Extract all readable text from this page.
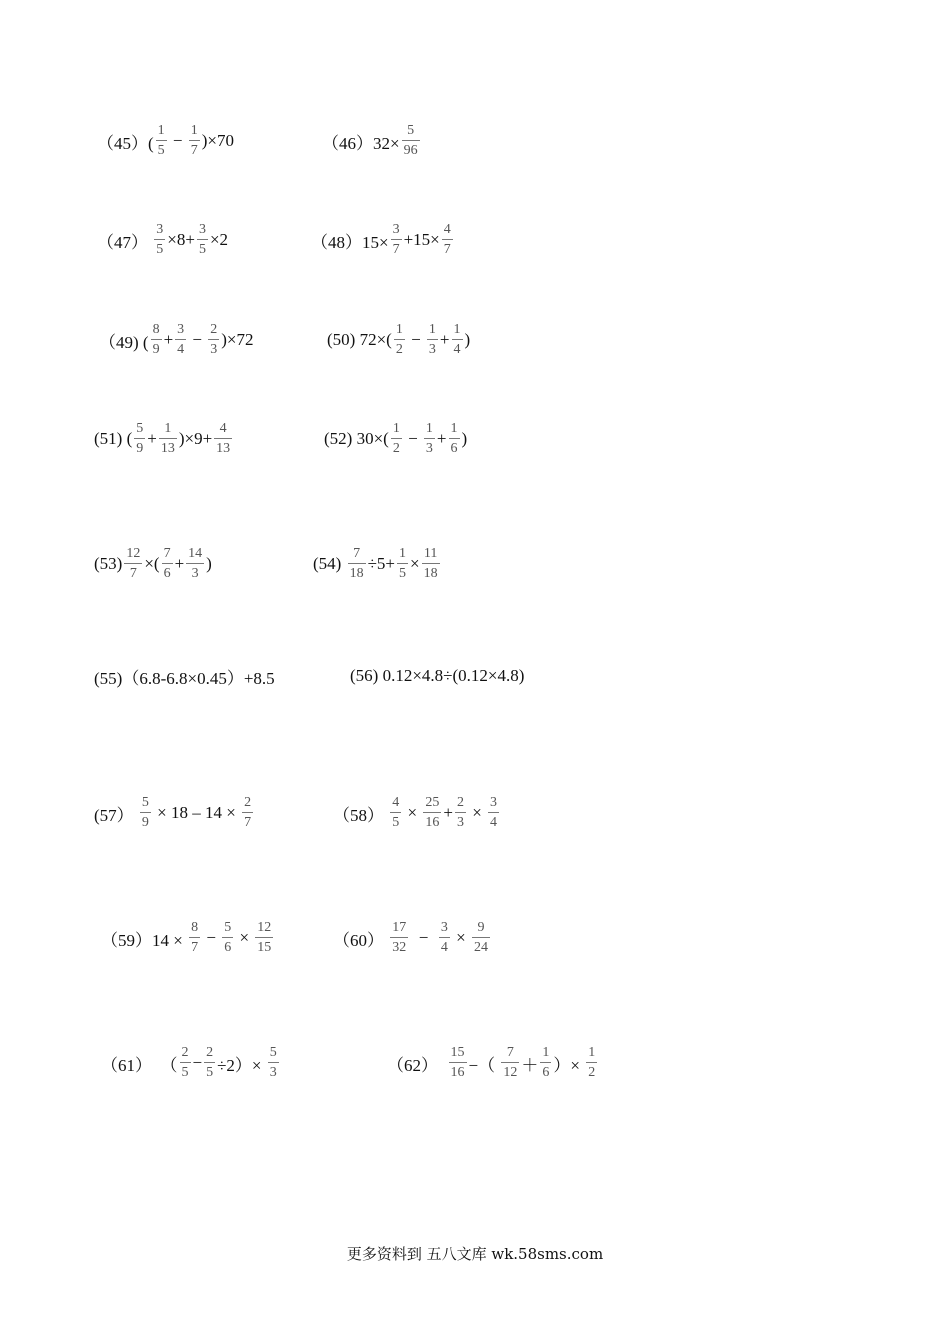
$(45)( \frac{1}{5} - \frac{1}{7} )\times 70$	$(46)32\times \frac{5}{96}$
$(47) \frac{3}{5} \times 8+ \frac{3}{5} \times 2$	$(48)15\times \frac{3}{7} +15\times \frac{4}{7}$
（49) ( $\frac{8}{9} + \frac{3}{4} - \frac{2}{3} )\times 72$	(50) $72\times( \frac{1}{2} - \frac{1}{3} + \frac{1}{4}$ )
(51) ( $\frac{5}{9} + \frac{1}{13} )\times 9+ \frac{4}{13}$	(52) $30\times( \frac{1}{2} - \frac{1}{3} + \frac{1}{6}$ )
$(53) \frac{12}{7}$ ×( $\frac{7}{6} + \frac{14}{3}$ )	$(54) \frac{7}{18} \div 5+ \frac{1}{5} \times \frac{11}{18}$
(55)（6.8-6.8×0.45）+8.5	(56) 0.12×4.8÷(0.12×4.8)
$(57) \frac{5}{9} \times 18 - 14 \times \frac{2}{7}$	$(58) \frac{4}{5} \times \frac{25}{16} + \frac{2}{3} \times \frac{3}{4}$
$(59)14 \times \frac{8}{7} - \frac{5}{6} \times \frac{12}{15}$	$(60) \frac{17}{32} - \frac{3}{4} \times \frac{9}{24}$
（61）  （ $\frac{2}{5} - \frac{2}{5} \div 2)\times \frac{5}{3}$	$(62) \frac{15}{16}$ −（ $\frac{7}{12} + \frac{1}{6}$ ）× $\frac{1}{2}$
更多资料到 五八文库 wk.58sms.com
